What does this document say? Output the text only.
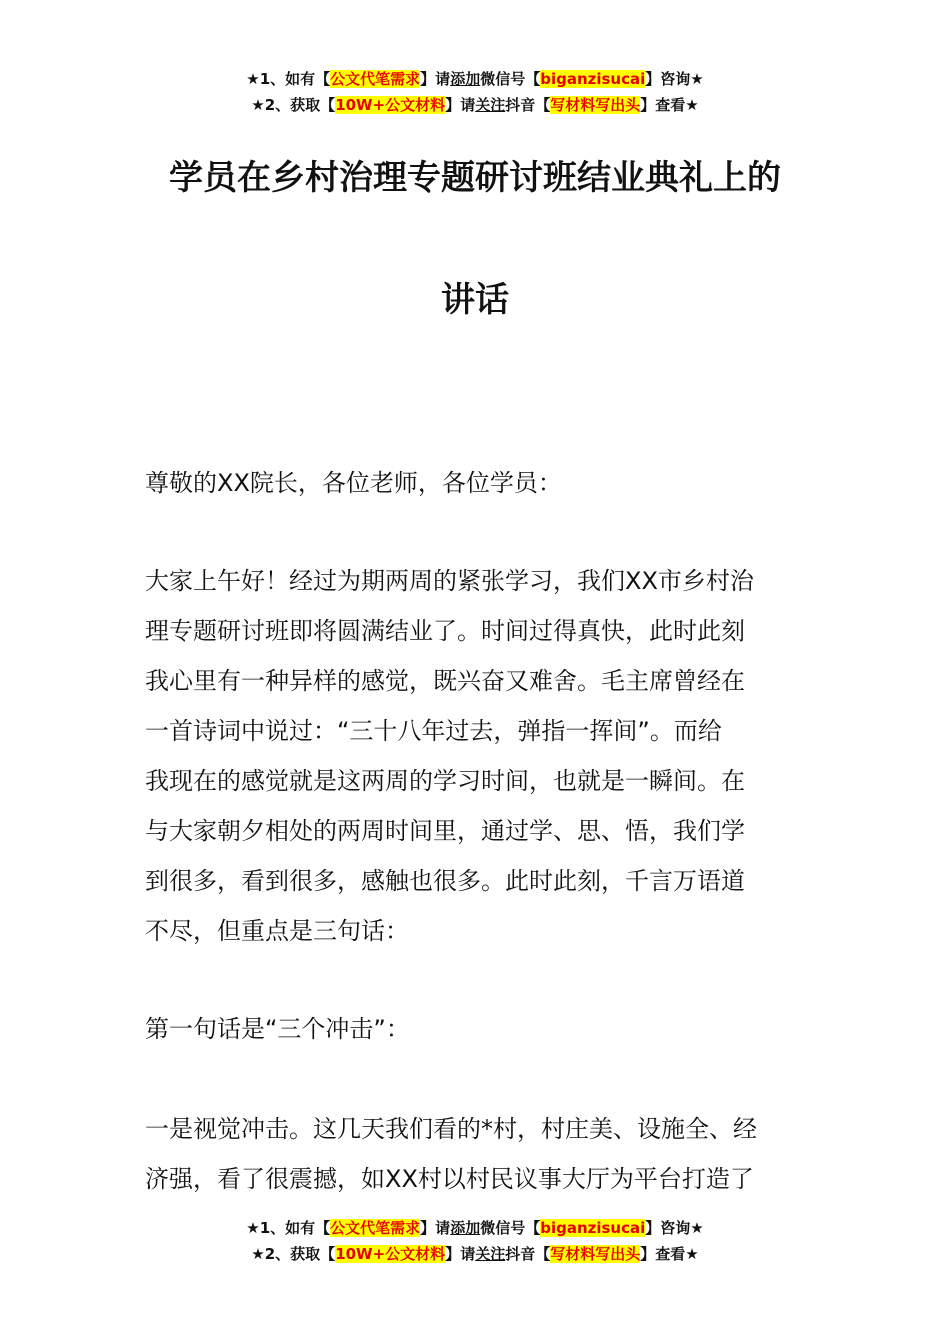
★1、如有【公文代笔需求】请添加微信号【biganzisucai】咨询★
★2、获取【10W+公文材料】请关注抖音【写材料写出头】查看★
学员在乡村治理专题研讨班结业典礼上的
讲话

尊敬的XX院长，各位老师，各位学员：

大家上午好！经过为期两周的紧张学习，我们XX市乡村治
理专题研讨班即将圆满结业了。时间过得真快，此时此刻
我心里有一种异样的感觉，既兴奋又难舍。毛主席曾经在
一首诗词中说过：“三十八年过去，弹指一挥间”。而给
我现在的感觉就是这两周的学习时间，也就是一瞬间。在
与大家朝夕相处的两周时间里，通过学、思、悟，我们学
到很多，看到很多，感触也很多。此时此刻，千言万语道
不尽，但重点是三句话：

第一句话是“三个冲击”：

一是视觉冲击。这几天我们看的*村，村庄美、设施全、经
济强，看了很震撼，如XX村以村民议事大厅为平台打造了

★1、如有【公文代笔需求】请添加微信号【biganzisucai】咨询★
★2、获取【10W+公文材料】请关注抖音【写材料写出头】查看★
